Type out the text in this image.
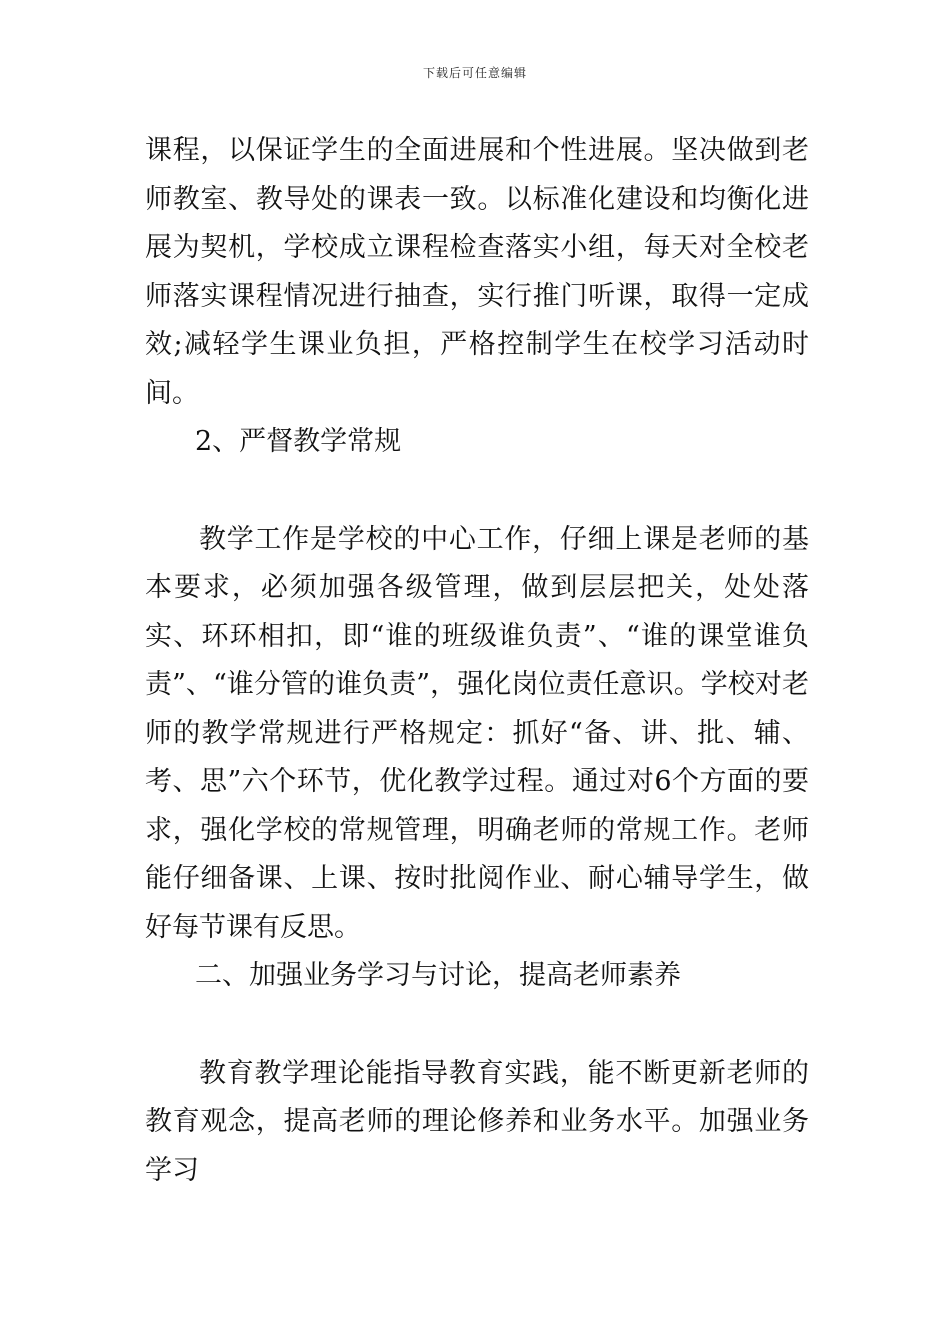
下载后可任意编辑

课程，以保证学生的全面进展和个性进展。坚决做到老师教室、教导处的课表一致。以标准化建设和均衡化进展为契机，学校成立课程检查落实小组，每天对全校老师落实课程情况进行抽查，实行推门听课，取得一定成效;减轻学生课业负担，严格控制学生在校学习活动时间。

2、严督教学常规

教学工作是学校的中心工作，仔细上课是老师的基本要求，必须加强各级管理，做到层层把关，处处落实、环环相扣，即“谁的班级谁负责”、“谁的课堂谁负责”、“谁分管的谁负责”，强化岗位责任意识。学校对老师的教学常规进行严格规定：抓好“备、讲、批、辅、考、思”六个环节，优化教学过程。通过对6个方面的要求，强化学校的常规管理，明确老师的常规工作。老师能仔细备课、上课、按时批阅作业、耐心辅导学生，做好每节课有反思。

二、加强业务学习与讨论，提高老师素养

教育教学理论能指导教育实践，能不断更新老师的教育观念，提高老师的理论修养和业务水平。加强业务学习
